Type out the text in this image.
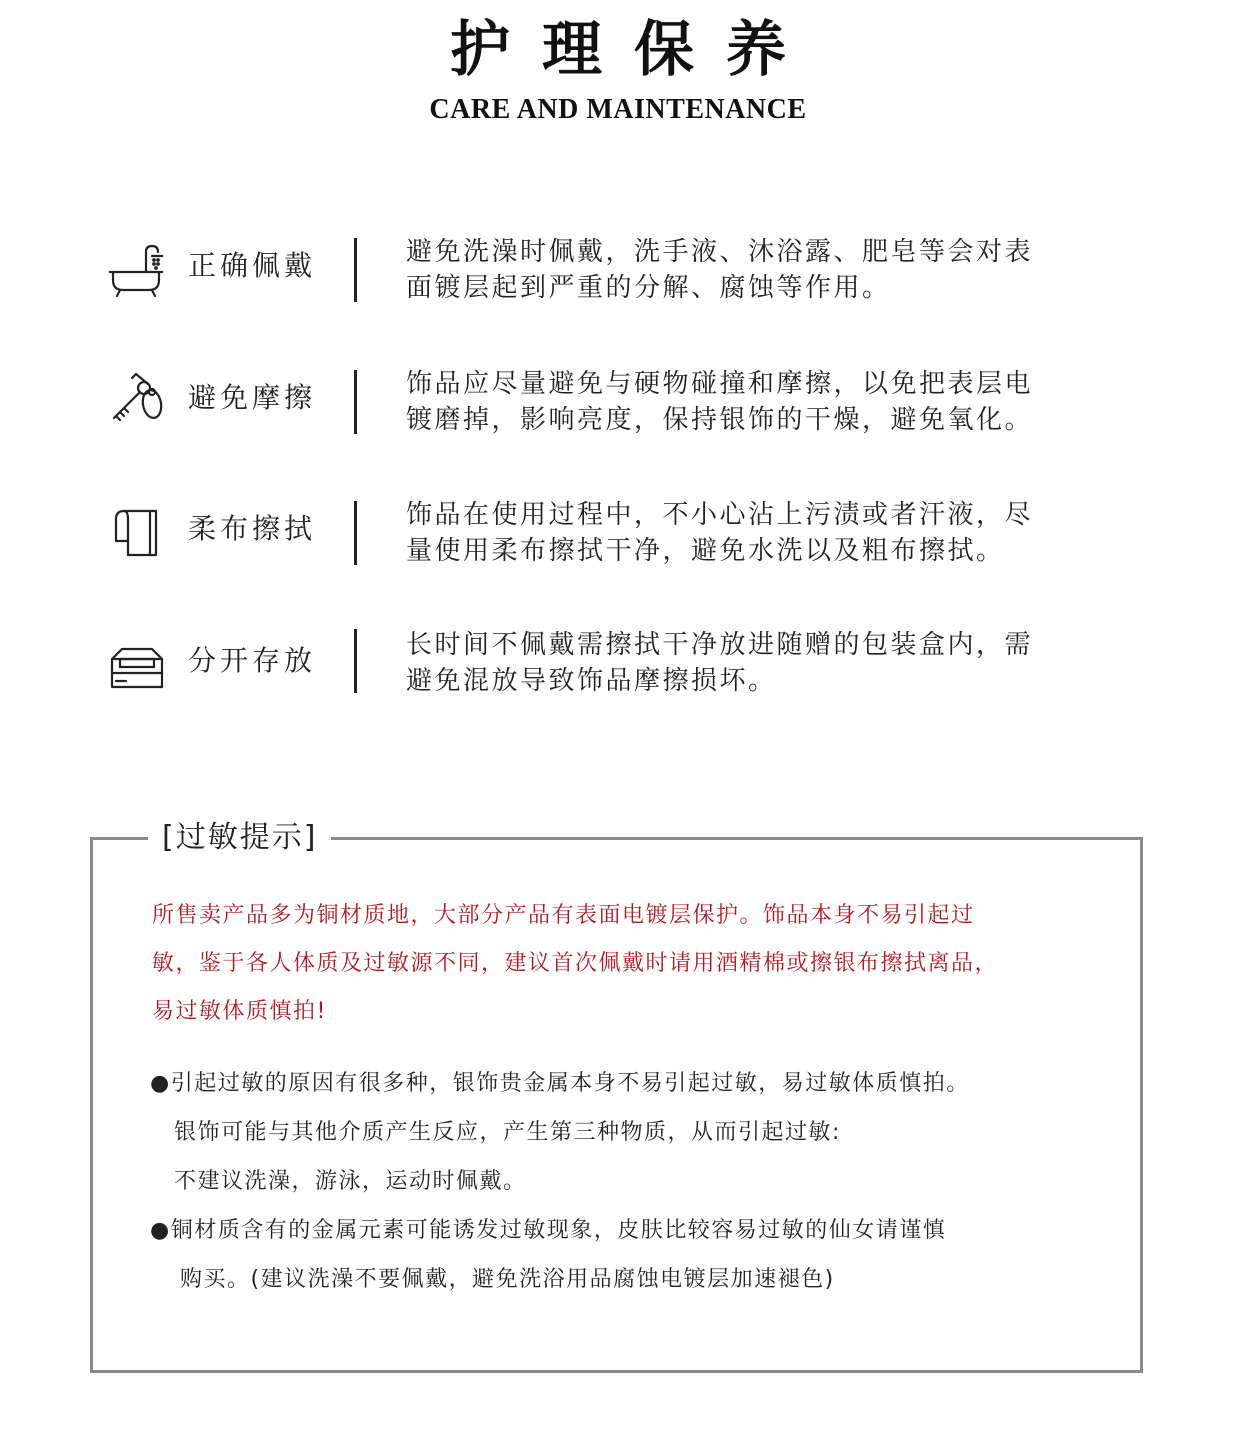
护理保养
CARE AND MAINTENANCE
正确佩戴	避免洗澡时佩戴，洗手液、沐浴露、肥皂等会对表
面镀层起到严重的分解、腐蚀等作用。
避免摩擦	饰品应尽量避免与硬物碰撞和摩擦，以免把表层电
镀磨掉，影响亮度，保持银饰的干燥，避免氧化。
柔布擦拭	饰品在使用过程中，不小心沾上污渍或者汗液，尽
量使用柔布擦拭干净，避免水洗以及粗布擦拭。
分开存放	长时间不佩戴需擦拭干净放进随赠的包装盒内，需
避免混放导致饰品摩擦损坏。
[过敏提示]
所售卖产品多为铜材质地，大部分产品有表面电镀层保护。饰品本身不易引起过
敏，鉴于各人体质及过敏源不同，建议首次佩戴时请用酒精棉或擦银布擦拭离品，
易过敏体质慎拍!
●引起过敏的原因有很多种，银饰贵金属本身不易引起过敏，易过敏体质慎拍。
银饰可能与其他介质产生反应，产生第三种物质，从而引起过敏:
不建议洗澡，游泳，运动时佩戴。
●铜材质含有的金属元素可能诱发过敏现象，皮肤比较容易过敏的仙女请谨慎
购买。(建议洗澡不要佩戴，避免洗浴用品腐蚀电镀层加速褪色)
